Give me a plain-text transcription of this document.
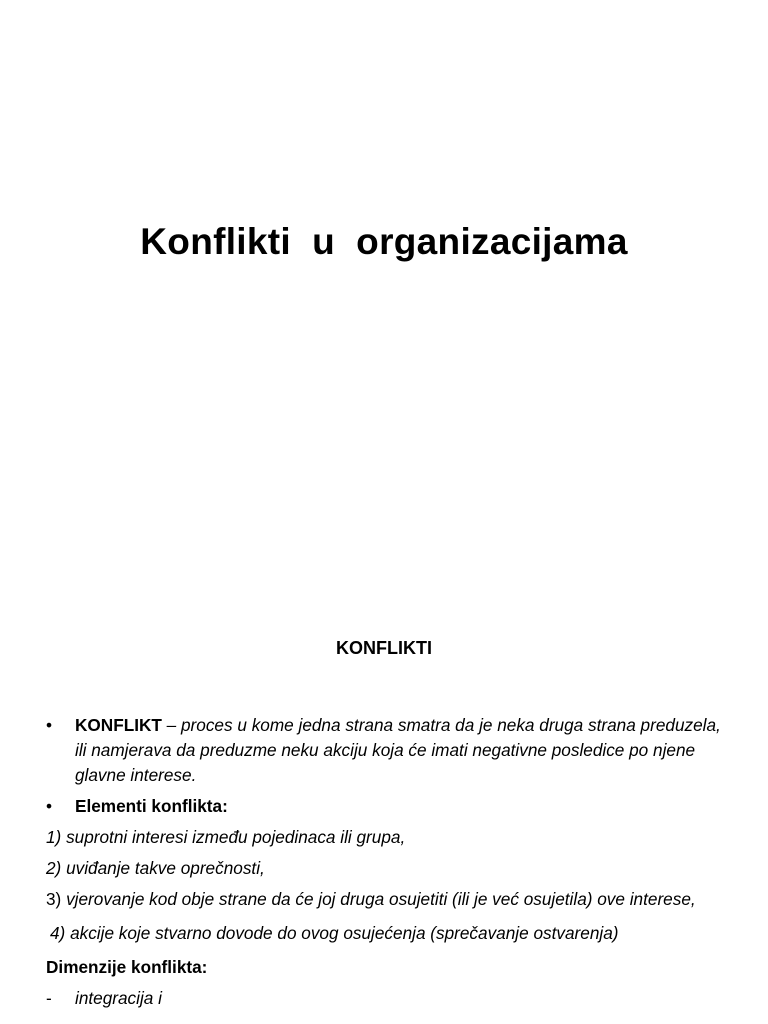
Konflikti  u  organizacijama
KONFLIKTI
•	KONFLIKT – proces u kome jedna strana smatra da je neka druga strana preduzela, ili namjerava da preduzme neku akciju koja će imati negativne posledice po njene glavne interese.
•	Elementi konflikta:
1) suprotni interesi između pojedinaca ili grupa,
2) uviđanje takve oprečnosti,
3) vjerovanje kod obje strane da će joj druga osujetiti (ili je već osujetila) ove interese,
4) akcije koje stvarno dovode do ovog osujećenja (sprečavanje ostvarenja)
Dimenzije konflikta:
- integracija i
